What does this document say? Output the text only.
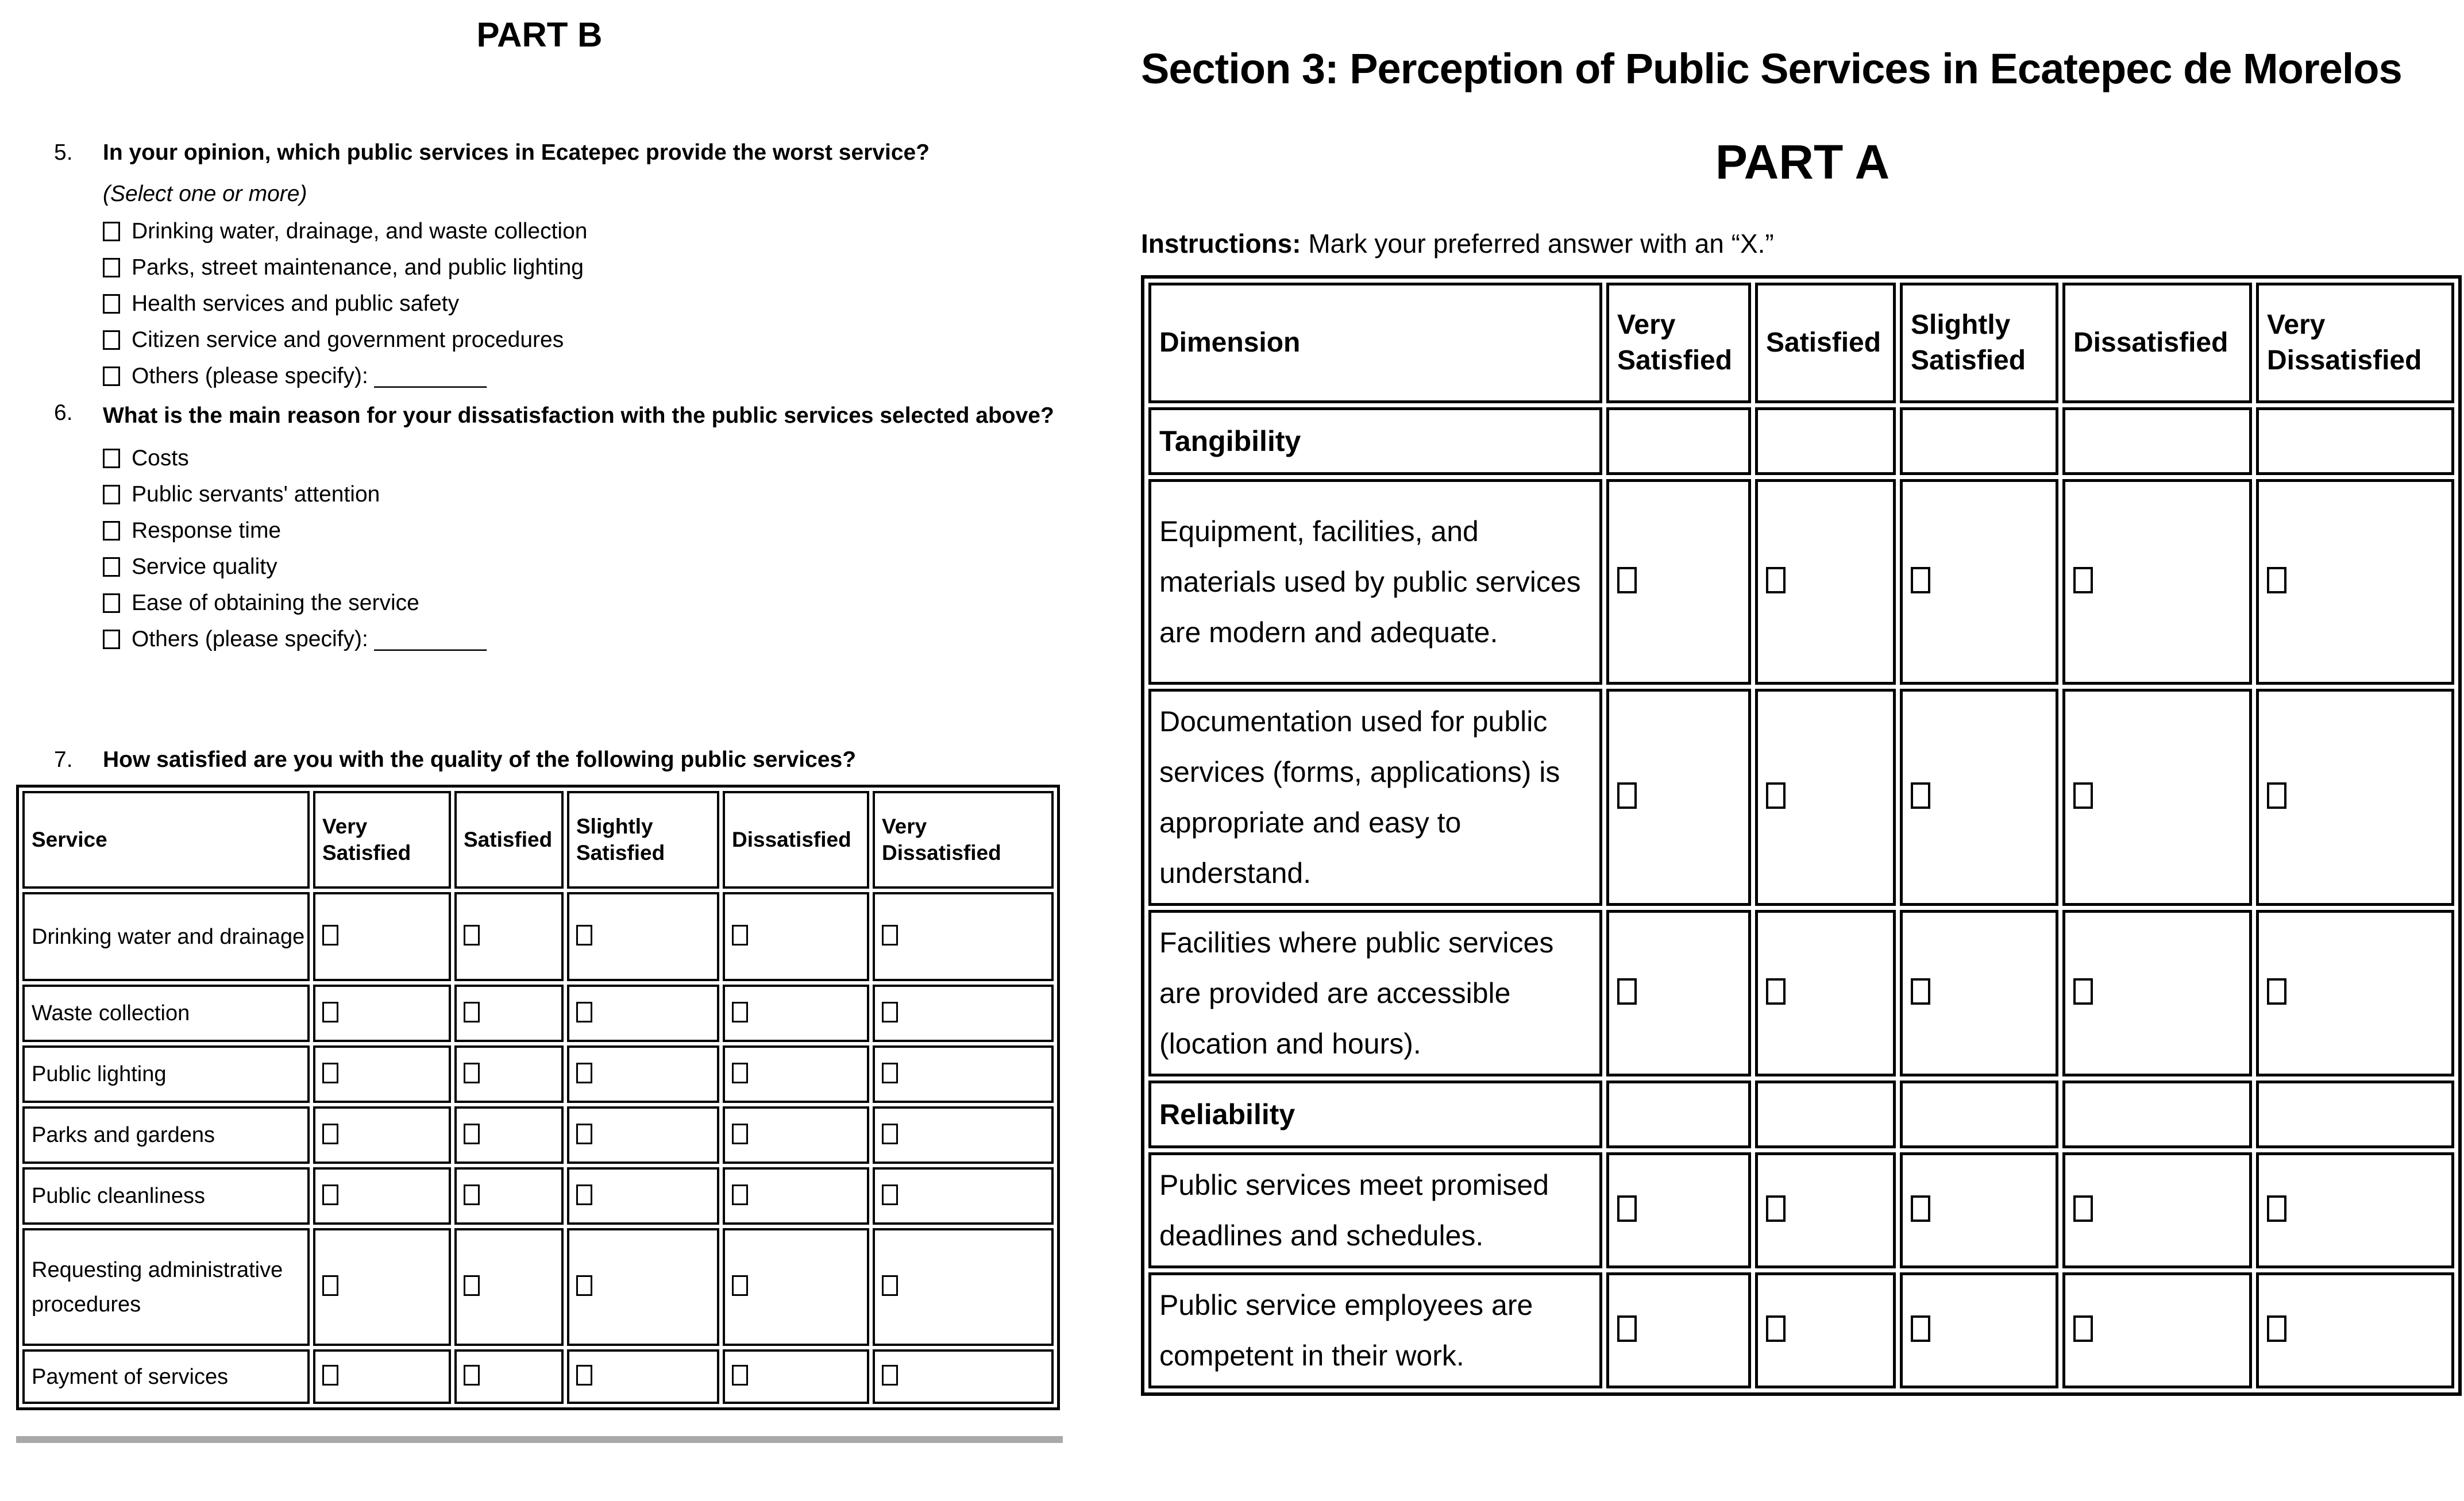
PART B
5.	In your opinion, which public services in Ecatepec provide the worst service?
(Select one or more)
Drinking water, drainage, and waste collection
Parks, street maintenance, and public lighting
Health services and public safety
Citizen service and government procedures
Others (please specify): _________
6.	What is the main reason for your dissatisfaction with the public services selected above?
Costs
Public servants' attention
Response time
Service quality
Ease of obtaining the service
Others (please specify): _________
7.	How satisfied are you with the quality of the following public services?
Service	Very Satisfied	Satisfied	Slightly Satisfied	Dissatisfied	Very Dissatisfied
Drinking water and drainage					
Waste collection					
Public lighting					
Parks and gardens					
Public cleanliness					
Requesting administrative procedures					
Payment of services					
Section 3: Perception of Public Services in Ecatepec de Morelos
PART A
Instructions: Mark your preferred answer with an “X.”
Dimension	Very Satisfied	Satisfied	Slightly Satisfied	Dissatisfied	Very Dissatisfied
Tangibility					
Equipment, facilities, and materials used by public services are modern and adequate.					
Documentation used for public services (forms, applications) is appropriate and easy to understand.					
Facilities where public services are provided are accessible (location and hours).					
Reliability					
Public services meet promised deadlines and schedules.					
Public service employees are competent in their work.					
